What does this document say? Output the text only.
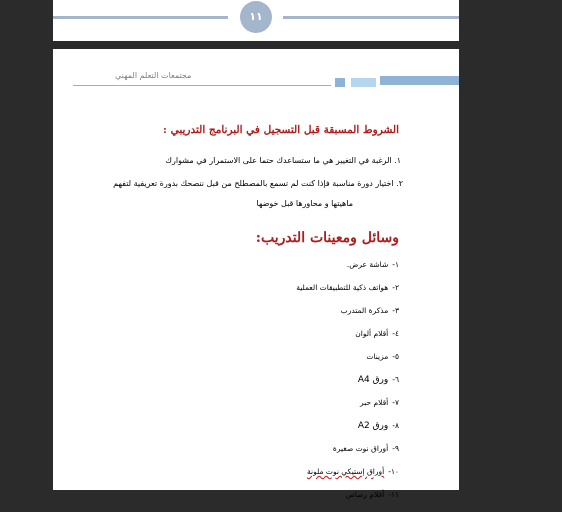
١١
مجتمعات التعلم المهني
الشروط المسبقة قبل التسجيل في البرنامج التدريبي :
١. الرغبة في التغيير هي ما ستساعدك حتما على الاستمرار في مشوارك
٢. اختيار دورة مناسبة فإذا كنت لم تسمع بالمصطلح من قبل ننصحك بدورة تعريفية لتفهم
ماهيتها و محاورها قبل خوضها
وسائل ومعينات التدريب:
١-شاشة عرض.
٢-هواتف ذكية للتطبيقات العملية
٣-مذكرة المتدرب
٤-أقلام ألوان
٥-مزينات
٦-ورق A4
٧-أقلام حبر
٨-ورق A2
٩-أوراق نوت صغيرة
١٠-أوراق إستيكي نوت ملونة
١١-أقلام رصاص
